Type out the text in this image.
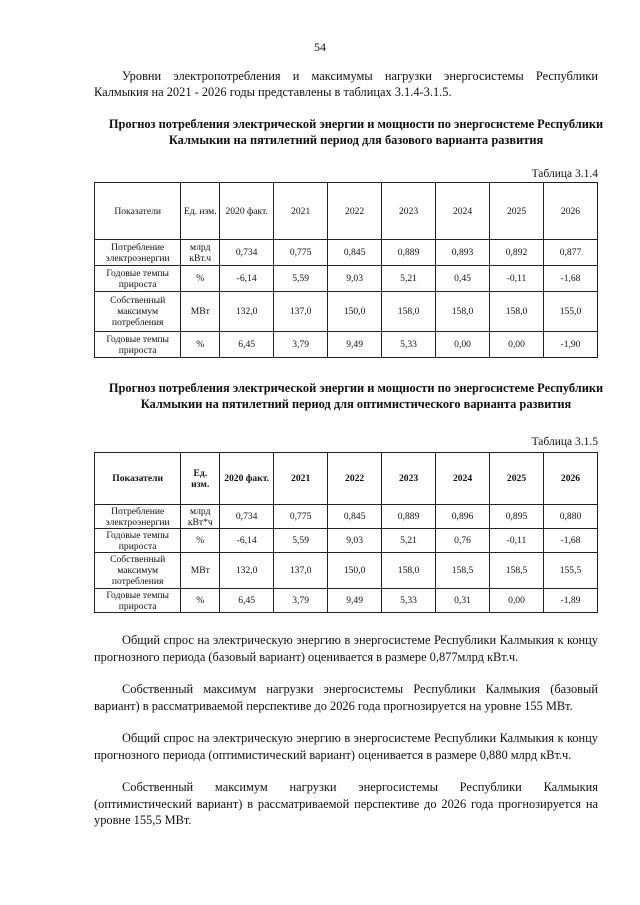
54

Уровни электропотребления и максимумы нагрузки энергосистемы Республики Калмыкия на 2021 - 2026 годы представлены в таблицах 3.1.4-3.1.5.

Прогноз потребления электрической энергии и мощности по энергосистеме Республики Калмыкии на пятилетний период для базового варианта развития

Таблица 3.1.4
Показатели	Ед. изм.	2020 факт.	2021	2022	2023	2024	2025	2026
Потребление электроэнергии	млрд кВт.ч	0,734	0,775	0,845	0,889	0,893	0,892	0,877
Годовые темпы прироста	%	-6,14	5,59	9,03	5,21	0,45	-0,11	-1,68
Собственный максимум потребления	МВт	132,0	137,0	150,0	158,0	158,0	158,0	155,0
Годовые темпы прироста	%	6,45	3,79	9,49	5,33	0,00	0,00	-1,90

Прогноз потребления электрической энергии и мощности по энергосистеме Республики Калмыкии на пятилетний период для оптимистического варианта развития

Таблица 3.1.5
Показатели	Ед. изм.	2020 факт.	2021	2022	2023	2024	2025	2026
Потребление электроэнергии	млрд кВт*ч	0,734	0,775	0,845	0,889	0,896	0,895	0,880
Годовые темпы прироста	%	-6,14	5,59	9,03	5,21	0,76	-0,11	-1,68
Собственный максимум потребления	МВт	132,0	137,0	150,0	158,0	158,5	158,5	155,5
Годовые темпы прироста	%	6,45	3,79	9,49	5,33	0,31	0,00	-1,89

Общий спрос на электрическую энергию в энергосистеме Республики Калмыкия к концу прогнозного периода (базовый вариант) оценивается в размере 0,877млрд кВт.ч.

Собственный максимум нагрузки энергосистемы Республики Калмыкия (базовый вариант) в рассматриваемой перспективе до 2026 года прогнозируется на уровне 155 МВт.

Общий спрос на электрическую энергию в энергосистеме Республики Калмыкия к концу прогнозного периода (оптимистический вариант) оценивается в размере 0,880 млрд кВт.ч.

Собственный максимум нагрузки энергосистемы Республики Калмыкия (оптимистический вариант) в рассматриваемой перспективе до 2026 года прогнозируется на уровне 155,5 МВт.
